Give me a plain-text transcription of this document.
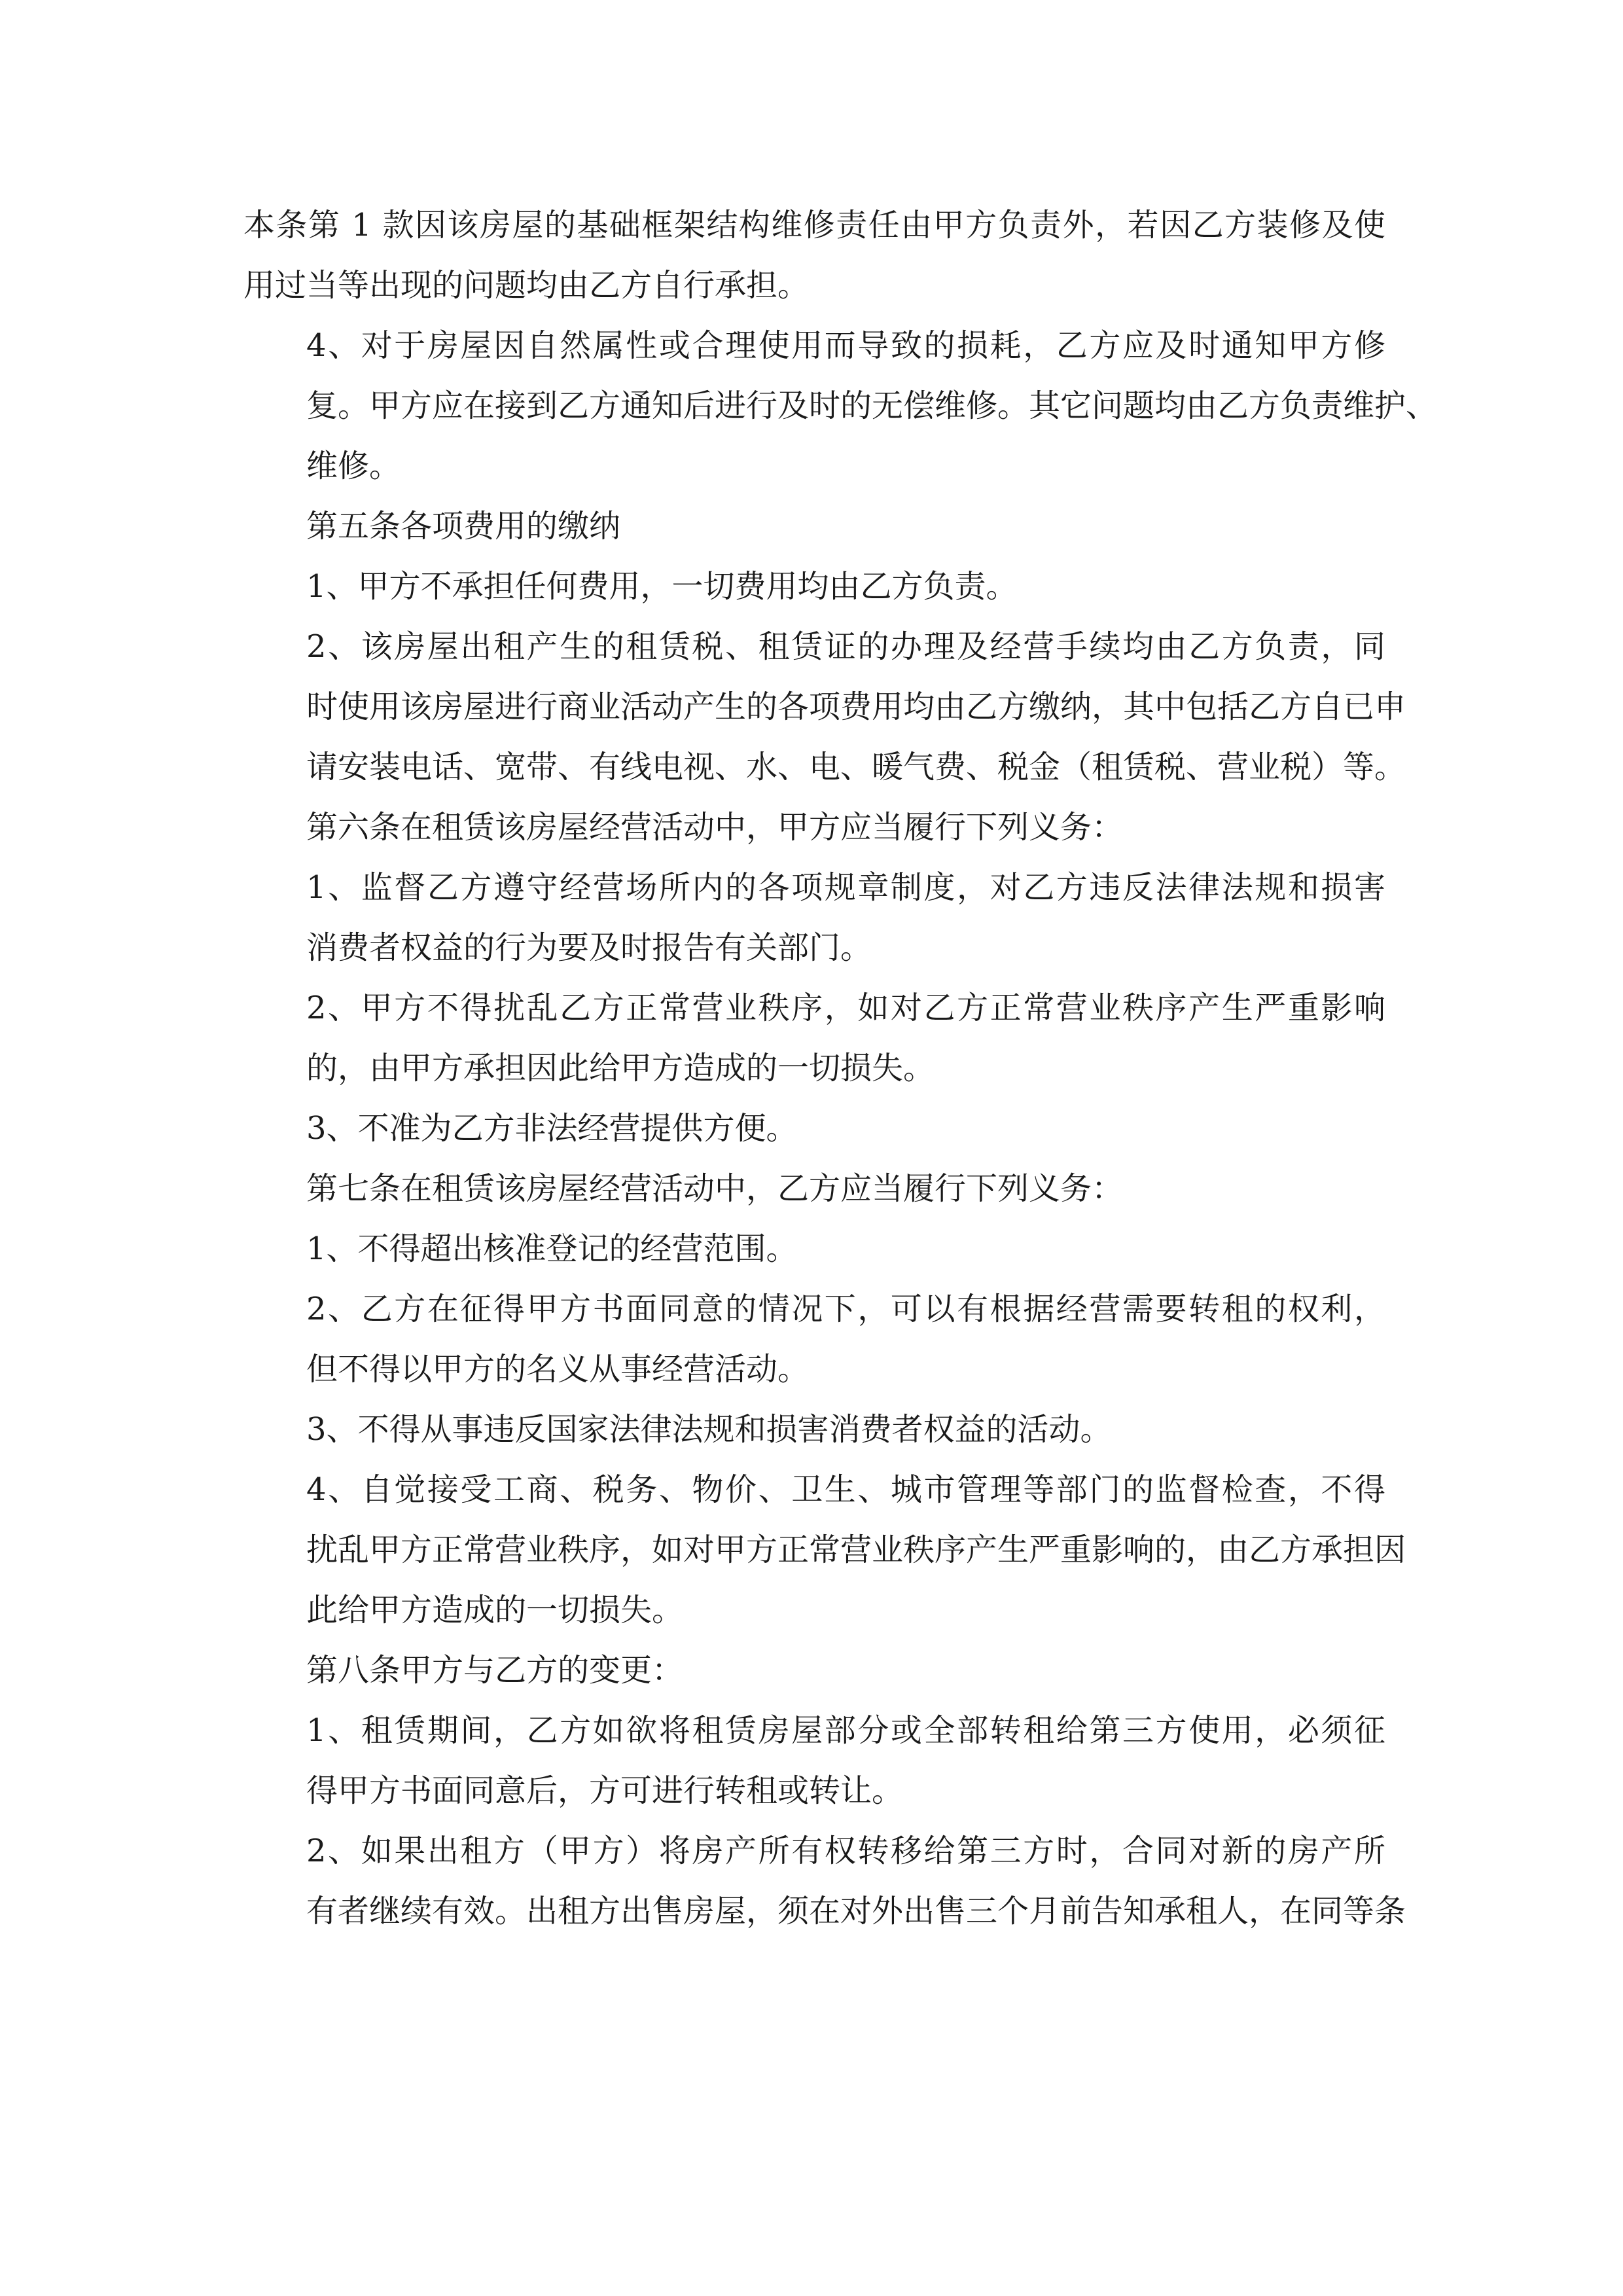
本条第 1 款因该房屋的基础框架结构维修责任由甲方负责外，若因乙方装修及使
用过当等出现的问题均由乙方自行承担。

4、对于房屋因自然属性或合理使用而导致的损耗，乙方应及时通知甲方修
复。甲方应在接到乙方通知后进行及时的无偿维修。其它问题均由乙方负责维护、
维修。

第五条各项费用的缴纳

1、甲方不承担任何费用，一切费用均由乙方负责。

2、该房屋出租产生的租赁税、租赁证的办理及经营手续均由乙方负责，同
时使用该房屋进行商业活动产生的各项费用均由乙方缴纳，其中包括乙方自已申
请安装电话、宽带、有线电视、水、电、暖气费、税金（租赁税、营业税）等。

第六条在租赁该房屋经营活动中，甲方应当履行下列义务：

1、监督乙方遵守经营场所内的各项规章制度，对乙方违反法律法规和损害
消费者权益的行为要及时报告有关部门。

2、甲方不得扰乱乙方正常营业秩序，如对乙方正常营业秩序产生严重影响
的，由甲方承担因此给甲方造成的一切损失。

3、不准为乙方非法经营提供方便。

第七条在租赁该房屋经营活动中，乙方应当履行下列义务：

1、不得超出核准登记的经营范围。

2、乙方在征得甲方书面同意的情况下，可以有根据经营需要转租的权利，
但不得以甲方的名义从事经营活动。

3、不得从事违反国家法律法规和损害消费者权益的活动。

4、自觉接受工商、税务、物价、卫生、城市管理等部门的监督检查，不得
扰乱甲方正常营业秩序，如对甲方正常营业秩序产生严重影响的，由乙方承担因
此给甲方造成的一切损失。

第八条甲方与乙方的变更：

1、租赁期间，乙方如欲将租赁房屋部分或全部转租给第三方使用，必须征
得甲方书面同意后，方可进行转租或转让。

2、如果出租方（甲方）将房产所有权转移给第三方时，合同对新的房产所
有者继续有效。出租方出售房屋，须在对外出售三个月前告知承租人，在同等条
